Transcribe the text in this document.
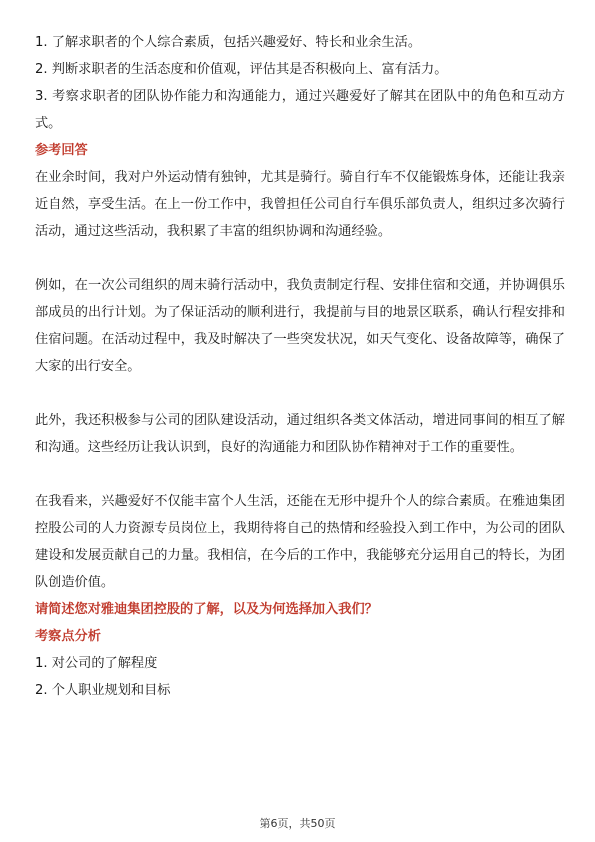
1. 了解求职者的个人综合素质，包括兴趣爱好、特长和业余生活。
2. 判断求职者的生活态度和价值观，评估其是否积极向上、富有活力。
3. 考察求职者的团队协作能力和沟通能力，通过兴趣爱好了解其在团队中的角色和互动方式。
参考回答

在业余时间，我对户外运动情有独钟，尤其是骑行。骑自行车不仅能锻炼身体，还能让我亲近自然，享受生活。在上一份工作中，我曾担任公司自行车俱乐部负责人，组织过多次骑行活动，通过这些活动，我积累了丰富的组织协调和沟通经验。

例如，在一次公司组织的周末骑行活动中，我负责制定行程、安排住宿和交通，并协调俱乐部成员的出行计划。为了保证活动的顺利进行，我提前与目的地景区联系，确认行程安排和住宿问题。在活动过程中，我及时解决了一些突发状况，如天气变化、设备故障等，确保了大家的出行安全。

此外，我还积极参与公司的团队建设活动，通过组织各类文体活动，增进同事间的相互了解和沟通。这些经历让我认识到，良好的沟通能力和团队协作精神对于工作的重要性。

在我看来，兴趣爱好不仅能丰富个人生活，还能在无形中提升个人的综合素质。在雅迪集团控股公司的人力资源专员岗位上，我期待将自己的热情和经验投入到工作中，为公司的团队建设和发展贡献自己的力量。我相信，在今后的工作中，我能够充分运用自己的特长，为团队创造价值。

请简述您对雅迪集团控股的了解，以及为何选择加入我们？
考察点分析
1. 对公司的了解程度
2. 个人职业规划和目标
第6页，共50页
